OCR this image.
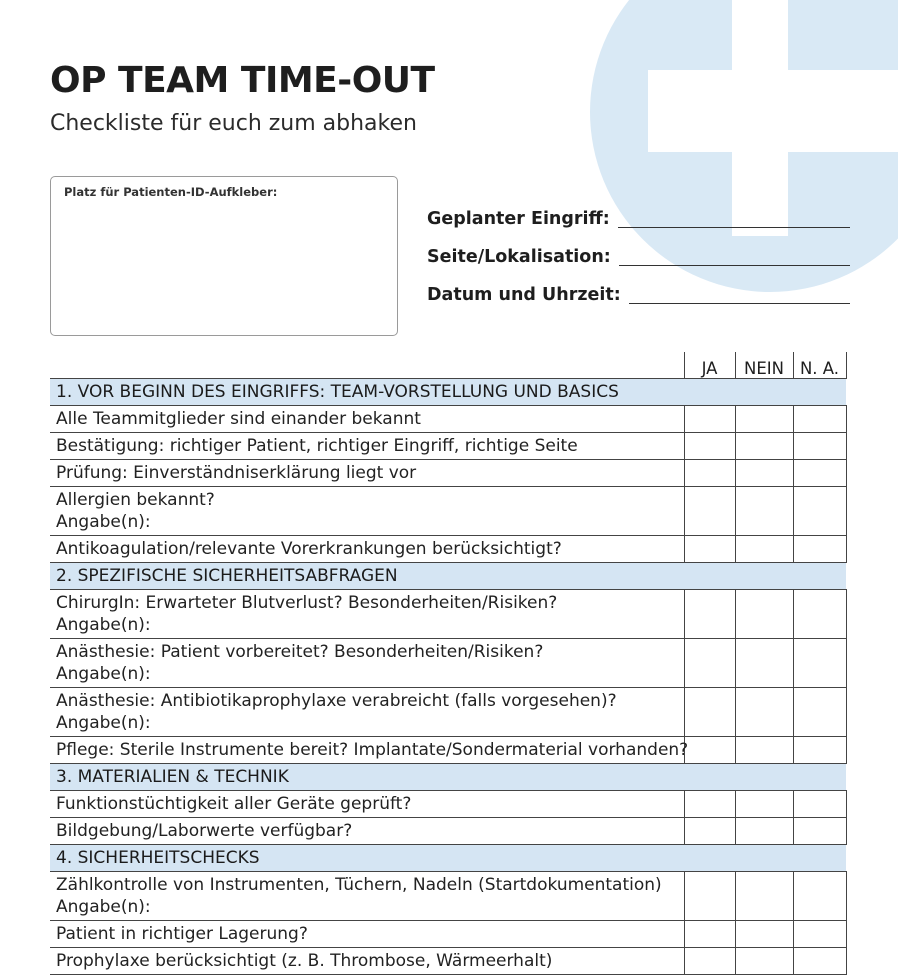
OP TEAM TIME-OUT
Checkliste für euch zum abhaken
Platz für Patienten-ID-Aufkleber:
Geplanter Eingriff:
Seite/Lokalisation:
Datum und Uhrzeit:
	JA	NEIN	N. A.
1. VOR BEGINN DES EINGRIFFS: TEAM-VORSTELLUNG UND BASICS			

Alle Teammitglieder sind einander bekannt			

Bestätigung: richtiger Patient, richtiger Eingriff, richtige Seite			

Prüfung: Einverständniserklärung liegt vor			

Allergien bekannt?
Angabe(n):			

Antikoagulation/relevante Vorerkrankungen berücksichtigt?			

2. SPEZIFISCHE SICHERHEITSABFRAGEN			

ChirurgIn: Erwarteter Blutverlust? Besonderheiten/Risiken?
Angabe(n):			

Anästhesie: Patient vorbereitet? Besonderheiten/Risiken?
Angabe(n):			

Anästhesie: Antibiotikaprophylaxe verabreicht (falls vorgesehen)?
Angabe(n):			

Pflege: Sterile Instrumente bereit? Implantate/Sondermaterial vorhanden?			

3. MATERIALIEN & TECHNIK			

Funktionstüchtigkeit aller Geräte geprüft?			

Bildgebung/Laborwerte verfügbar?			

4. SICHERHEITSCHECKS			

Zählkontrolle von Instrumenten, Tüchern, Nadeln (Startdokumentation)
Angabe(n):			

Patient in richtiger Lagerung?			

Prophylaxe berücksichtigt (z. B. Thrombose, Wärmeerhalt)			
